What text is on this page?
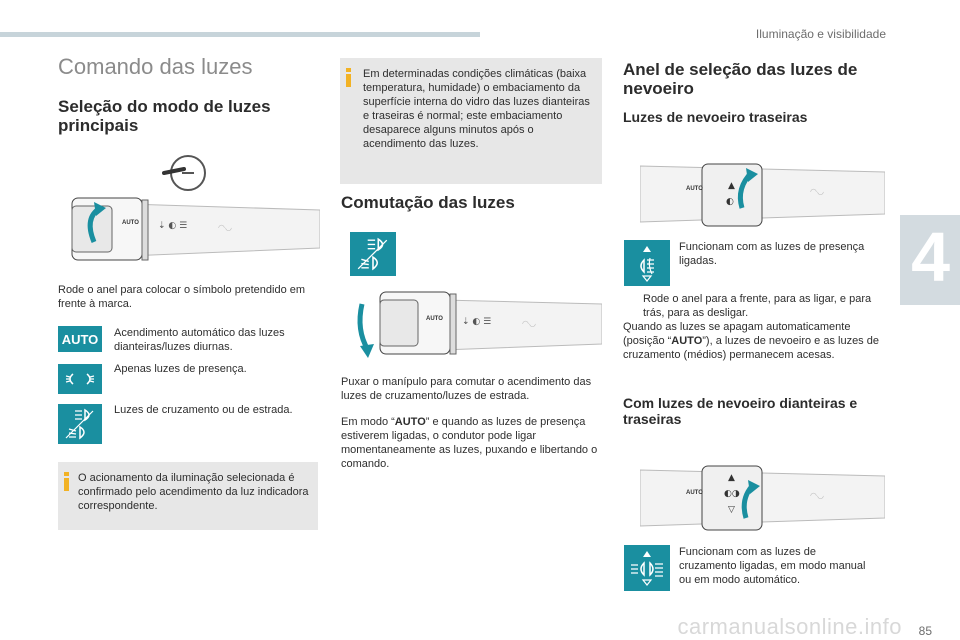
Iluminação e visibilidade
4
Comando das luzes
Seleção do modo de luzes principais
AUTO ⇣ ◐ ☰	◠◡

Rode o anel para colocar o símbolo pretendido em frente à marca.

AUTO Acendimento automático das luzes dianteiras/luzes diurnas.

Apenas luzes de presença.

Luzes de cruzamento ou de estrada.

O acionamento da iluminação selecionada é confirmado pelo acendimento da luz indicadora correspondente.

Em determinadas condições climáticas (baixa temperatura, humidade) o embaciamento da superfície interna do vidro das luzes dianteiras e traseiras é normal; este embaciamento desaparece alguns minutos após o acendimento das luzes.

Comutação das luzes
AUTO ⇣ ◐ ☰	◠◡

Puxar o manípulo para comutar o acendimento das luzes de cruzamento/luzes de estrada.

Em modo “AUTO” e quando as luzes de presença estiverem ligadas, o condutor pode ligar momentaneamente as luzes, puxando e libertando o comando.

Anel de seleção das luzes de nevoeiro
Luzes de nevoeiro traseiras
AUTO	▲
◐
◠◡

Funcionam com as luzes de presença ligadas.

Rode o anel para a frente, para as ligar, e para trás, para as desligar.

Quando as luzes se apagam automaticamente (posição “AUTO”), a luzes de nevoeiro e as luzes de cruzamento (médios) permanecem acesas.

Com luzes de nevoeiro dianteiras e traseiras
AUTO
▲
◐◑
▽
◠◡

Funcionam com as luzes de cruzamento ligadas, em modo manual ou em modo automático.

carmanualsonline.info 85
